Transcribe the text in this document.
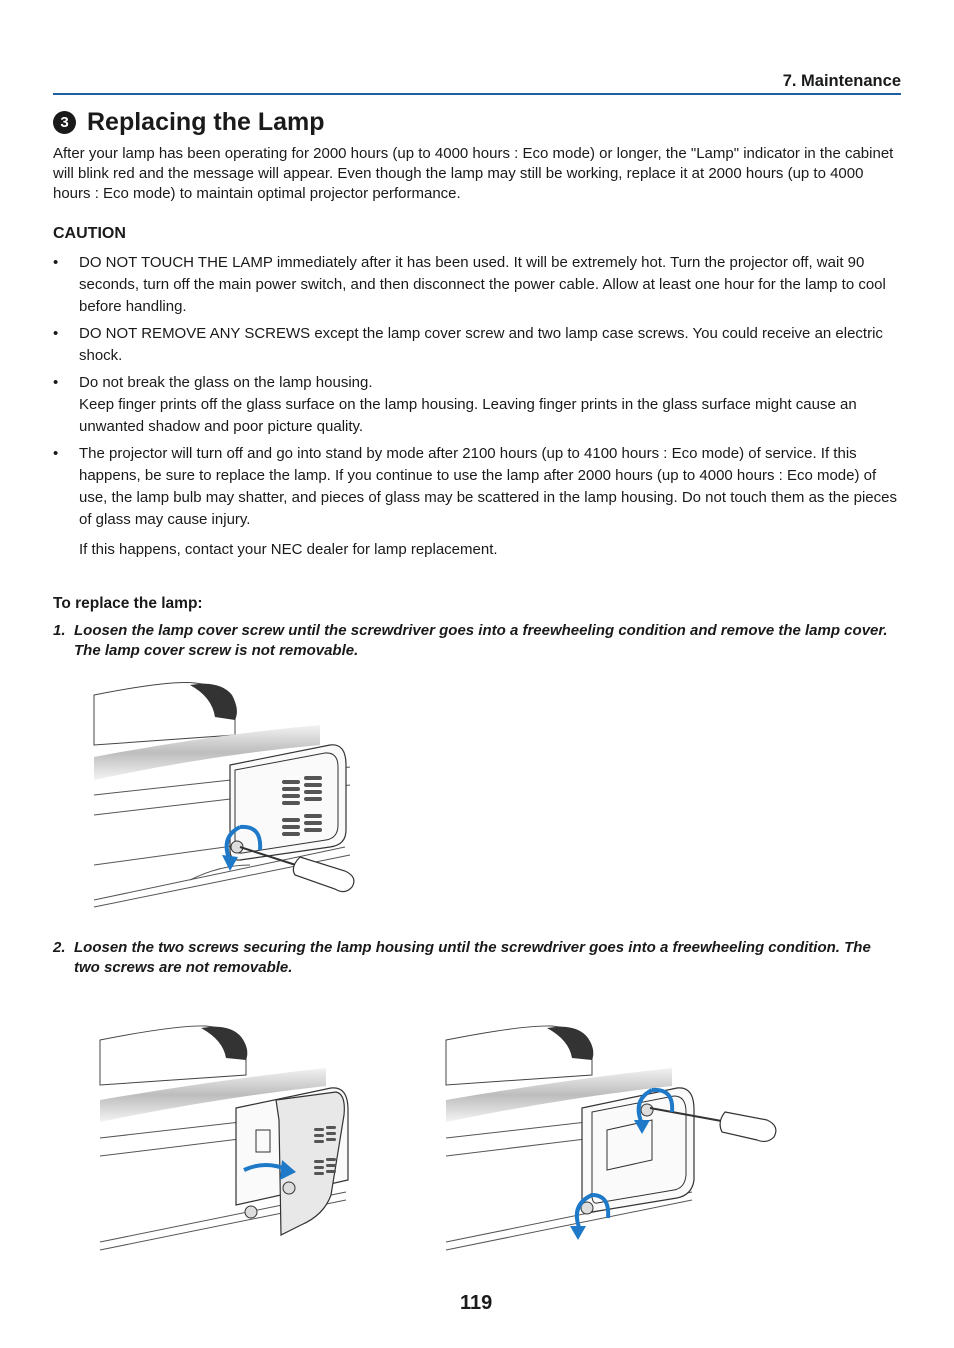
7. Maintenance
3 Replacing the Lamp
After your lamp has been operating for 2000 hours (up to 4000 hours : Eco mode) or longer, the "Lamp" indicator in the cabinet will blink red and the message will appear. Even though the lamp may still be working, replace it at 2000 hours (up to 4000 hours : Eco mode) to maintain optimal projector performance.
CAUTION
• DO NOT TOUCH THE LAMP immediately after it has been used. It will be extremely hot. Turn the projector off, wait 90 seconds, turn off the main power switch, and then disconnect the power cable. Allow at least one hour for the lamp to cool before handling.

• DO NOT REMOVE ANY SCREWS except the lamp cover screw and two lamp case screws. You could receive an electric shock.

• Do not break the glass on the lamp housing.

Keep finger prints off the glass surface on the lamp housing. Leaving finger prints in the glass surface might cause an unwanted shadow and poor picture quality.

• The projector will turn off and go into stand by mode after 2100 hours (up to 4100 hours : Eco mode) of service. If this happens, be sure to replace the lamp. If you continue to use the lamp after 2000 hours (up to 4000 hours : Eco mode) of use, the lamp bulb may shatter, and pieces of glass may be scattered in the lamp housing. Do not touch them as the pieces of glass may cause injury.

If this happens, contact your NEC dealer for lamp replacement.
To replace the lamp:
1. Loosen the lamp cover screw until the screwdriver goes into a freewheeling condition and remove the lamp cover. The lamp cover screw is not removable.
2. Loosen the two screws securing the lamp housing until the screwdriver goes into a freewheeling condition. The two screws are not removable.
119
